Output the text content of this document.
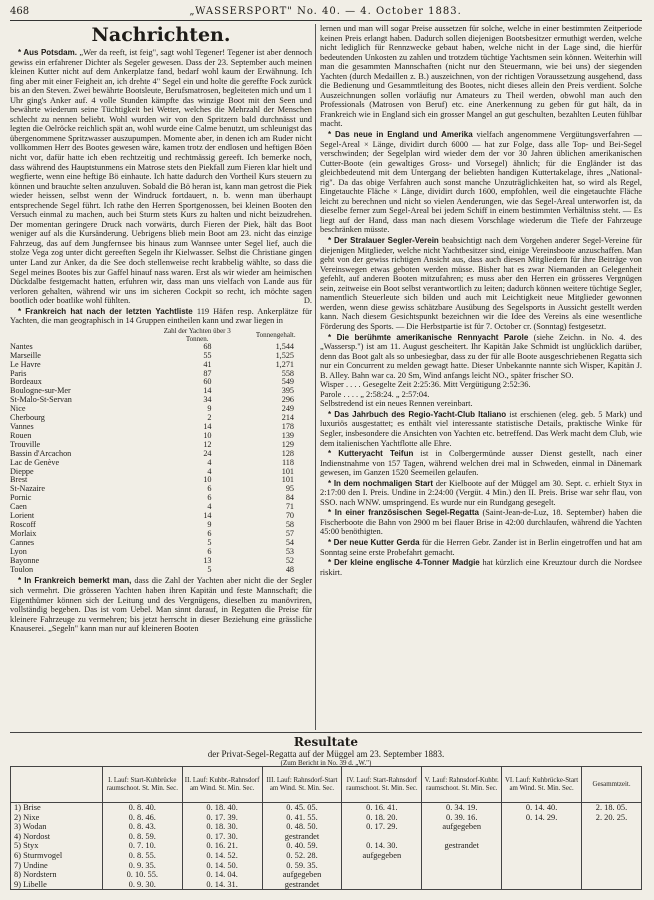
468	„WASSERSPORT" No. 40. — 4. October 1883.
Nachrichten.

* Aus Potsdam. „Wer da reeft, ist feig", sagt wohl Tegener! Tegener ist aber dennoch gewiss ein erfahrener Dichter als Segeler gewesen. Dass der 23. September auch meinen kleinen Kutter nicht auf dem Ankerplatze fand, bedarf wohl kaum der Erwähnung. Ich fing aber mit einer Feigheit an, ich drehte 4" Segel ein und holte die gereffte Fock zurück bis an den Steven. Zwei bewährte Bootsleute, Berufsmatrosen, begleiteten mich und um 1 Uhr ging's Anker auf. 4 volle Stunden kämpfte das winzige Boot mit den Seen und bewährte wiederum seine Tüchtigkeit bei Wetter, welches die Mehrzahl der Menschen schlecht zu nennen beliebt. Wohl wurden wir von den Spritzern bald durchnässt und legten die Oelröcke reichlich spät an, wohl wurde eine Calme benutzt, um schleunigst das übergenommene Spritzwasser auszupumpen. Momente aber, in denen ich am Ruder nicht vollkommen Herr des Bootes gewesen wäre, kamen trotz der endlosen und heftigen Böen nicht vor, dafür hatte ich eben rechtzeitig und rechtmässig gereeft. Ich bemerke noch, dass während des Hauptstunmens ein Matrose stets den Piekfall zum Fieren klar hielt und wegfierte, wenn eine heftige Bö einhaute. Ich hatte dadurch den Vortheil Kurs steuern zu können und brauchte selten anzuluven. Sobald die Bö heran ist, kann man getrost die Piek wieder heissen, selbst wenn der Windruck fortdauert, n. b. wenn man überhaupt entsprechende Segel führt. Ich rathe den Herren Sportgenossen, bei kleinen Booten den Versuch einmal zu machen, auch bei Sturm stets Kurs zu halten und nicht beizudrehen. Der momentan geringere Druck nach vorwärts, durch Fieren der Piek, hält das Boot weniger auf als die Kursänderung. Uebrigens blieb mein Boot am 23. nicht das einzige Fahrzeug, das auf dem Jungfernsee bis hinaus zum Wannsee unter Segel lief, auch die stolze Vega zog unter dicht gereeften Segeln ihr Kielwasser. Selbst die Christiane gingen unter Land zur Anker, da die See doch stellenweise recht krabbelig wählte, so dass die Segel meines Bootes bis zur Gaffel hinauf nass waren. Erst als wir wieder am heimischen Dückdalbe festgemacht hatten, erfuhren wir, dass man uns vielfach von Lande aus für verloren gehalten, während wir uns im sicheren Cockpit so recht, ich möchte sagen bootlich oder boatlike wohl fühlten.	D.

* Frankreich hat nach der letzten Yachtliste 119 Häfen resp. Ankerplätze für Yachten, die man geographisch in 14 Gruppen eintheilen kann und zwar liegen in

	Zahl der Yachten über 3 Tonnen.	Tonnengehalt.
Nantes	68	1,544
Marseille	55	1,525
Le Havre	41	1,271
Paris	87	558
Bordeaux	60	549
Boulogne-sur-Mer	14	395
St-Malo-St-Servan	34	296
Nice	9	249
Cherbourg	2	214
Vannes	14	178
Rouen	10	139
Trouville	12	129
Bassin d'Arcachon	24	128
Lac de Genève	4	118
Dieppe	4	101
Brest	10	101
St-Nazaire	6	95
Pornic	6	84
Caen	4	71
Lorient	14	70
Roscoff	9	58
Morlaix	6	57
Cannes	5	54
Lyon	6	53
Bayonne	13	52
Toulon	5	48

* In Frankreich bemerkt man, dass die Zahl der Yachten aber nicht die der Segler sich vermehrt. Die grösseren Yachten haben ihren Kapitän und feste Mannschaft; die Eigenthümer können sich der Leitung und des Vergnügens, dieselben zu manövriren, vollständig begeben. Das ist vom Uebel. Man sinnt darauf, in Regatten die Preise für kleinere Fahrzeuge zu vermehren; bis jetzt herrscht in dieser Beziehung eine grässliche Knauserei. „Segeln" kann man nur auf kleineren Booten

lernen und man will sogar Preise aussetzen für solche, welche in einer bestimmten Zeitperiode keinen Preis erlangt haben. Dadurch sollen diejenigen Bootsbesitzer ermuthigt werden, welche nicht lediglich für Rennzwecke gebaut haben, welche nicht in der Lage sind, die hierfür bedeutenden Unkosten zu zahlen und trotzdem tüchtige Yachtsmen sein können. Weiterhin will man die gesammten Mannschaften (nicht nur den Steuermann, wie bei uns) der siegenden Yachten (durch Medaillen z. B.) auszeichnen, von der richtigen Voraussetzung ausgehend, dass die Bedienung und Gesammtleitung des Bootes, nicht dieses allein den Preis verdient. Solche Auszeichnungen sollen vorläufig nur Amateurs zu Theil werden, obwohl man auch den Professionals (Matrosen von Beruf) etc. eine Anerkennung zu geben für gut hält, da in Frankreich wie in England sich ein grosser Mangel an gut geschulten, bezahlten Leuten fühlbar macht.

* Das neue in England und Amerika vielfach angenommene Vergütungsverfahren — Segel-Areal × Länge, dividirt durch 6000 — hat zur Folge, dass alle Top- und Bei-Segel verschwinden; der Segelplan wird wieder dem der vor 30 Jahren üblichen amerikanischen Cutter-Boote (ein gewaltiges Gross- und Vorsegel) ähnlich; für die Engländer ist das gleichbedeutend mit dem Untergang der beliebten handigen Kuttertakelage, ihres „National-rig". Da das obige Verfahren auch sonst manche Unzuträglichkeiten hat, so wird als Regel, Eingetauchte Fläche × Länge, dividirt durch 1600, empfohlen, weil die eingetauchte Fläche leicht zu berechnen und nicht so vielen Aenderungen, wie das Segel-Areal unterworfen ist, da dieselbe ferner zum Segel-Areal bei jedem Schiff in einem bestimmten Verhältniss steht. — Es liegt auf der Hand, dass man nach diesem Vorschlage wiederum die Tiefe der Fahrzeuge beschränken müsste.

* Der Stralauer Segler-Verein beabsichtigt nach dem Vorgehen anderer Segel-Vereine für diejenigen Mitglieder, welche nicht Yachtbesitzer sind, einige Vereinsboote anzuschaffen. Man geht von der gewiss richtigen Ansicht aus, dass auch diesen Mitgliedern für ihre Beiträge von Vereinswegen etwas geboten werden müsse. Bisher hat es zwar Niemanden an Gelegenheit gefehlt, auf anderen Booten mitzufahren; es muss aber den Herren ein grösseres Vergnügen sein, zeitweise ein Boot selbst verantwortlich zu leiten; dadurch können weitere tüchtige Segler, namentlich Steuerleute sich bilden und auch mit Leichtigkeit neue Mitglieder gewonnen werden, wenn diese gewiss schätzbare Ausübung des Segelsports in Aussicht gestellt werden kann. Nach diesem Gesichtspunkt bezeichnen wir die Idee des Vereins als eine wesentliche Förderung des Sports. — Die Herbstpartie ist für 7. October cr. (Sonntag) festgesetzt.

* Die berühmte amerikanische Rennyacht Parole (siehe Zeichn. in No. 4. des „Wassersp.") ist am 11. August gescheitert. Ihr Kapitän Jake Schmidt ist unglücklich darüber, denn das Boot galt als so unbesiegbar, dass zu der für alle Boote ausgeschriebenen Regatta sich nur ein Concurrent zu melden gewagt hatte. Dieser Unbekannte nannte sich Wisper, Kapitän J. B. Alley. Bahn war ca. 20 Sm, Wind anfangs leicht NO., später frischer SO.
Wisper . . . . Gesegelte Zeit 2:25:36. Mitt Vergütigung 2:52:36.
Parole . . . . „ 2:58:24. „ 2:57:04.
Selbstredend ist ein neues Rennen vereinbart.

* Das Jahrbuch des Regio-Yacht-Club Italiano ist erschienen (eleg. geb. 5 Mark) und luxuriös ausgestattet; es enthält viel interessante statistische Details, praktische Winke für Segler, insbesondere die Ansichten von Yachten etc. betreffend. Das Werk macht dem Club, wie dem italienischen Yachtflotte alle Ehre.

* Kutteryacht Teifun ist in Colbergermünde ausser Dienst gestellt, nach einer Indienstnahme von 157 Tagen, während welchen drei mal in Schweden, einmal in Dänemark gewesen, im Ganzen 1520 Seemeilen gelaufen.

* In dem nochmaligen Start der Kielboote auf der Müggel am 30. Sept. c. erhielt Styx in 2:17:00 den I. Preis. Undine in 2:24:00 (Vergüt. 4 Min.) den II. Preis. Brise war sehr flau, von SSO. nach WNW. umspringend. Es wurde nur ein Rundgang gesegelt.

* In einer französischen Segel-Regatta (Saint-Jean-de-Luz, 18. September) haben die Fischerboote die Bahn von 2900 m bei flauer Brise in 42:00 durchlaufen, während die Yachten 45:00 benöthigten.

* Der neue Kutter Gerda für die Herren Gebr. Zander ist in Berlin eingetroffen und hat am Sonntag seine erste Probefahrt gemacht.

* Der kleine englische 4-Tonner Madgie hat kürzlich eine Kreuztour durch die Nordsee riskirt.

Resultate
der Privat-Segel-Regatta auf der Müggel am 23. September 1883.
(Zum Bericht in No. 39 d. „W.")
	I. Lauf: Start-Kuhbrücke raumschoot. St. Min. Sec.	II. Lauf: Kuhbr.-Rahnsdorf am Wind. St. Min. Sec.	III. Lauf: Rahnsdorf-Start am Wind. St. Min. Sec.	IV. Lauf: Start-Rahnsdorf raumschoot. St. Min. Sec.	V. Lauf: Rahnsdorf-Kuhbr. raumschoot. St. Min. Sec.	VI. Lauf: Kuhbrücke-Start am Wind. St. Min. Sec.	Gesammtzeit.
1) Brise	0. 8. 40.	0. 18. 40.	0. 45. 05.	0. 16. 41.	0. 34. 19.	0. 14. 40.	2. 18. 05.
2) Nixe	0. 8. 46.	0. 17. 39.	0. 41. 55.	0. 18. 20.	0. 39. 16.	0. 14. 29.	2. 20. 25.
3) Wodan	0. 8. 43.	0. 18. 30.	0. 48. 50.	0. 17. 29.	aufgegeben		
4) Nordost	0. 8. 59.	0. 17. 30.	gestrandet				
5) Styx	0. 7. 10.	0. 16. 21.	0. 40. 59.	0. 14. 30.	gestrandet		
6) Sturmvogel	0. 8. 55.	0. 14. 52.	0. 52. 28.	aufgegeben			
7) Undine	0. 9. 35.	0. 14. 50.	0. 59. 35.				
8) Nordstern	0. 10. 55.	0. 14. 04.	aufgegeben				
9) Libelle	0. 9. 30.	0. 14. 31.	gestrandet				
